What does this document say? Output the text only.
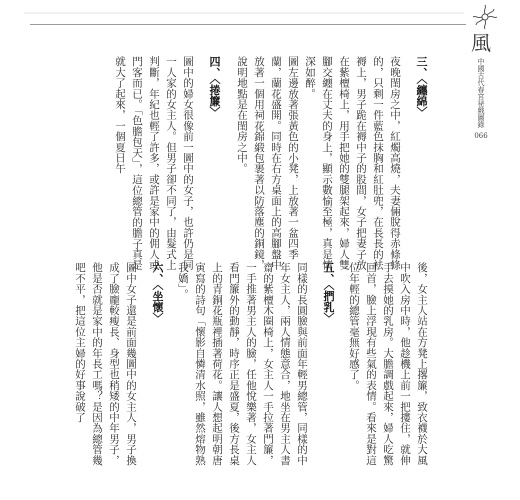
風
中國古代春宮祕戲圖錄
066

三、〈纏綿〉

夜晚閨房之中，紅燭高燒，夫妻倆脫得赤條條的，只剩一件藍色抹胸和紅肚兜，在長長的袪褥上，男子跪在褥中子的股間，女子把妻子放在紫檀椅上，用手把她的雙腿架起來，婦人雙腳交纏在丈夫的身上，顯示數愉至極，真是情深如醉。

圖左邊放著張黃色的小凳，上放著一盆四季蘭，蘭花盛開。同時在右方桌面上的高腳盤中放著一個用祠花錦緞包裹著以防落塵的銅鏡，說明地點是在閨房之中。

四、〈捲簾〉

圖中的婦女很像前一圖中的女子，也許仍是同一人家的女主人。但男子卻不同了，由髮式上判斷，年紀也輕了許多，或許是家中的佣人或門客而已。「色膽包天」，這位總管的膽子真是就大了起來，一個夏日午

後，女主人站在方凳上撂簾，致衣襪於大風中吹入房中時，他趁機上前一把摟住，就伸手去摸她的乳房。大膽調戲起來，婦人吃驚回首，臉上浮現有些氣的表情。看來是對這位年輕的總管毫無好感了。

五、〈捫乳〉

同樣的長圓臉與前面年輕男總管，同樣的中年女主人，兩人情態意合，地坐在男主人書齋的紫檀木圈椅上，女主人一手拉著門簾，一手推著男主人的臉，任他悅樂著，女主人看門簾外的動靜，時序正是盛夏，後方長桌上的青銅花瓶裡插著荷花。讓人想起明朝唐寅寫的詩句「懷影自憐清水照，雖然熔物熟我嬌」。

六、〈坐懷〉

圖中女子還是前面幾圖中的女主人，男子換成了臉龐較瘦長、身型也稍矮的中年男子，他是否就是家中的年長工嗎？是因為總管幾吧不平，把這位主婦的好事說破了
